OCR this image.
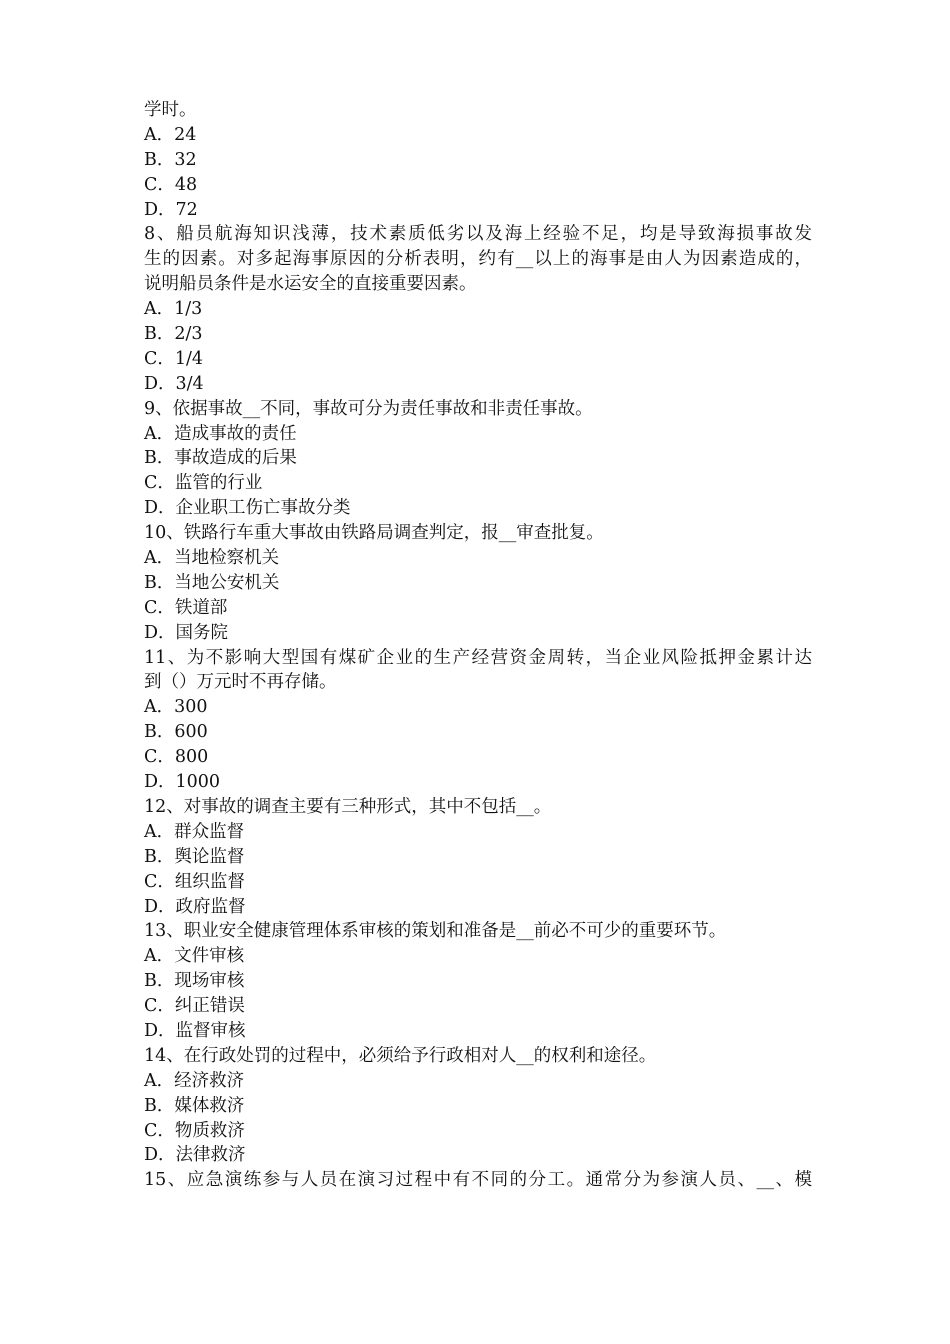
学时。
A．24
B．32
C．48
D．72
8、船员航海知识浅薄，技术素质低劣以及海上经验不足，均是导致海损事故发
生的因素。对多起海事原因的分析表明，约有__以上的海事是由人为因素造成的，
说明船员条件是水运安全的直接重要因素。
A．1/3
B．2/3
C．1/4
D．3/4
9、依据事故__不同，事故可分为责任事故和非责任事故。
A．造成事故的责任
B．事故造成的后果
C．监管的行业
D．企业职工伤亡事故分类
10、铁路行车重大事故由铁路局调查判定，报__审查批复。
A．当地检察机关
B．当地公安机关
C．铁道部
D．国务院
11、为不影响大型国有煤矿企业的生产经营资金周转，当企业风险抵押金累计达
到（）万元时不再存储。
A．300
B．600
C．800
D．1000
12、对事故的调查主要有三种形式，其中不包括__。
A．群众监督
B．舆论监督
C．组织监督
D．政府监督
13、职业安全健康管理体系审核的策划和准备是__前必不可少的重要环节。
A．文件审核
B．现场审核
C．纠正错误
D．监督审核
14、在行政处罚的过程中，必须给予行政相对人__的权利和途径。
A．经济救济
B．媒体救济
C．物质救济
D．法律救济
15、应急演练参与人员在演习过程中有不同的分工。通常分为参演人员、__、模
